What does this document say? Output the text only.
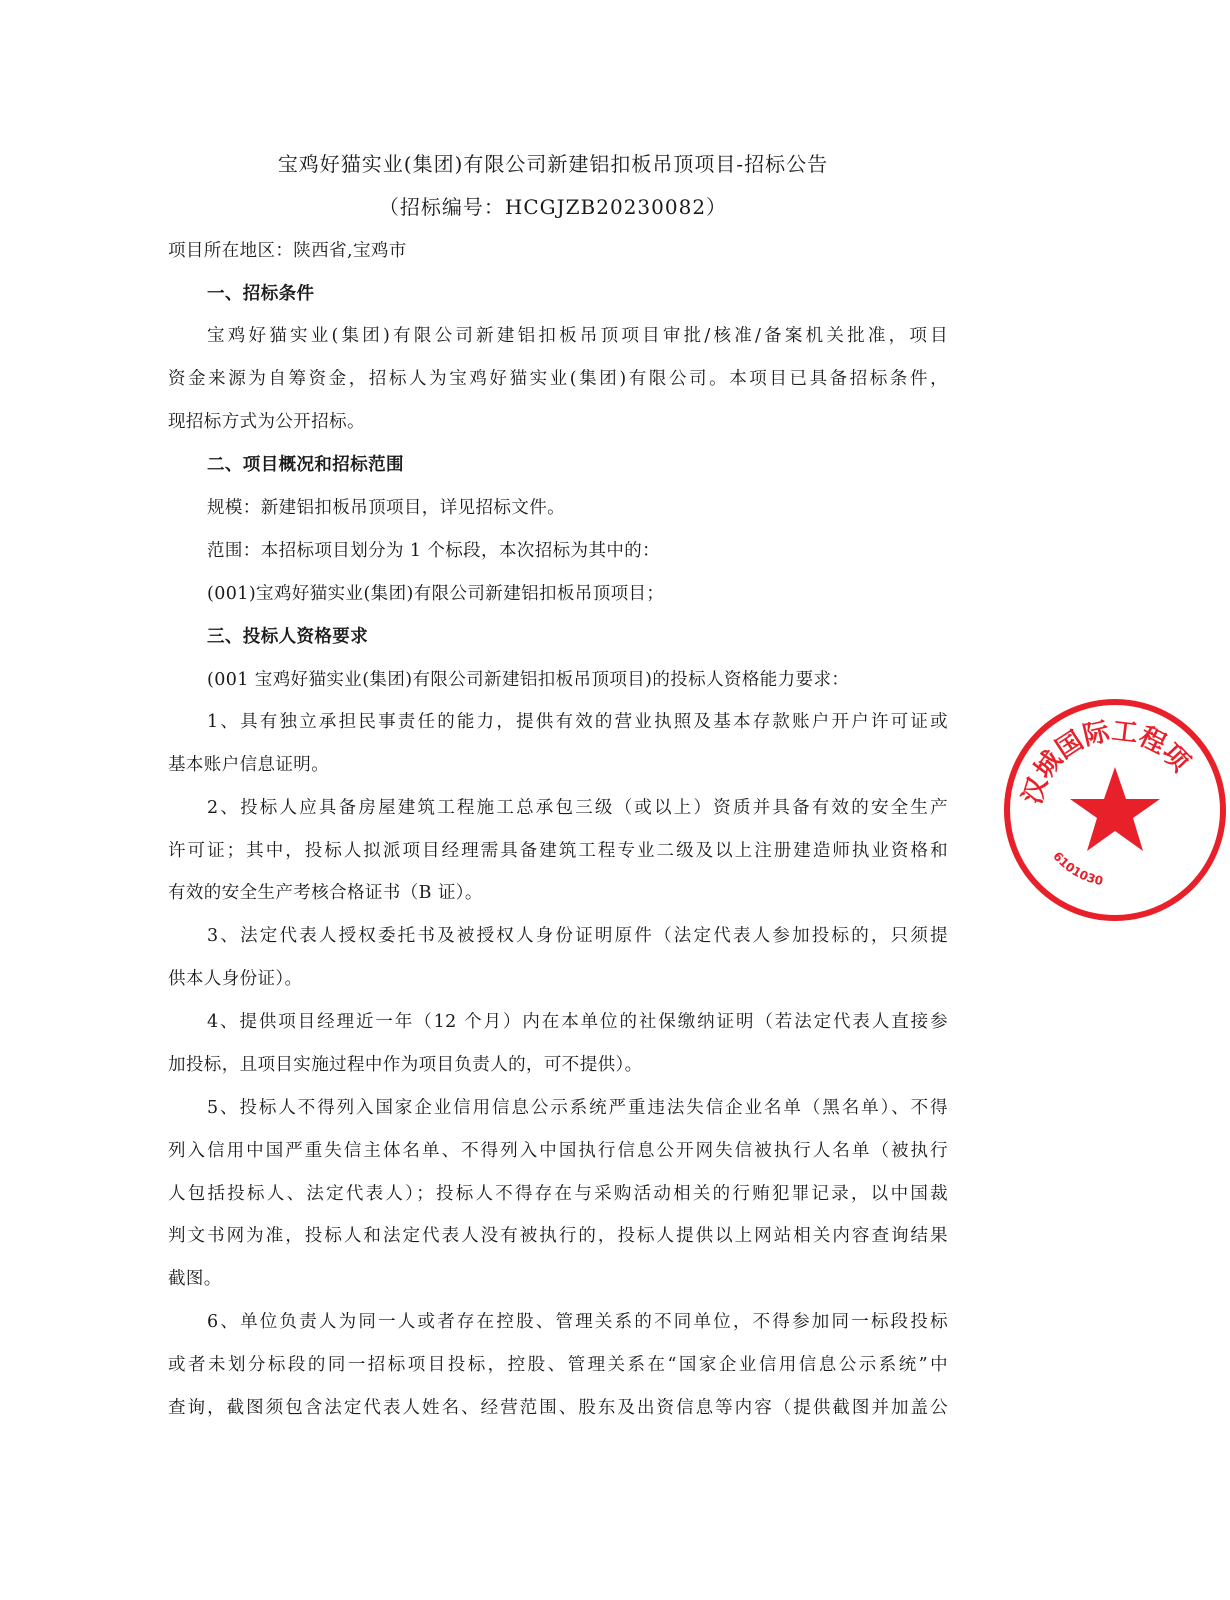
宝鸡好猫实业(集团)有限公司新建铝扣板吊顶项目-招标公告
（招标编号：HCGJZB20230082）
项目所在地区：陕西省,宝鸡市
一、招标条件
宝鸡好猫实业(集团)有限公司新建铝扣板吊顶项目审批/核准/备案机关批准，项目
资金来源为自筹资金，招标人为宝鸡好猫实业(集团)有限公司。本项目已具备招标条件，
现招标方式为公开招标。
二、项目概况和招标范围
规模：新建铝扣板吊顶项目，详见招标文件。
范围：本招标项目划分为 1 个标段，本次招标为其中的：
(001)宝鸡好猫实业(集团)有限公司新建铝扣板吊顶项目；
三、投标人资格要求
(001 宝鸡好猫实业(集团)有限公司新建铝扣板吊顶项目)的投标人资格能力要求：
1、具有独立承担民事责任的能力，提供有效的营业执照及基本存款账户开户许可证或
基本账户信息证明。
2、投标人应具备房屋建筑工程施工总承包三级（或以上）资质并具备有效的安全生产
许可证；其中，投标人拟派项目经理需具备建筑工程专业二级及以上注册建造师执业资格和
有效的安全生产考核合格证书（B 证）。
3、法定代表人授权委托书及被授权人身份证明原件（法定代表人参加投标的，只须提
供本人身份证）。
4、提供项目经理近一年（12 个月）内在本单位的社保缴纳证明（若法定代表人直接参
加投标，且项目实施过程中作为项目负责人的，可不提供）。
5、投标人不得列入国家企业信用信息公示系统严重违法失信企业名单（黑名单）、不得
列入信用中国严重失信主体名单、不得列入中国执行信息公开网失信被执行人名单（被执行
人包括投标人、法定代表人）；投标人不得存在与采购活动相关的行贿犯罪记录，以中国裁
判文书网为准，投标人和法定代表人没有被执行的，投标人提供以上网站相关内容查询结果
截图。
6、单位负责人为同一人或者存在控股、管理关系的不同单位，不得参加同一标段投标
或者未划分标段的同一招标项目投标，控股、管理关系在“国家企业信用信息公示系统”中
查询，截图须包含法定代表人姓名、经营范围、股东及出资信息等内容（提供截图并加盖公
汉城国际工程项
6101030
